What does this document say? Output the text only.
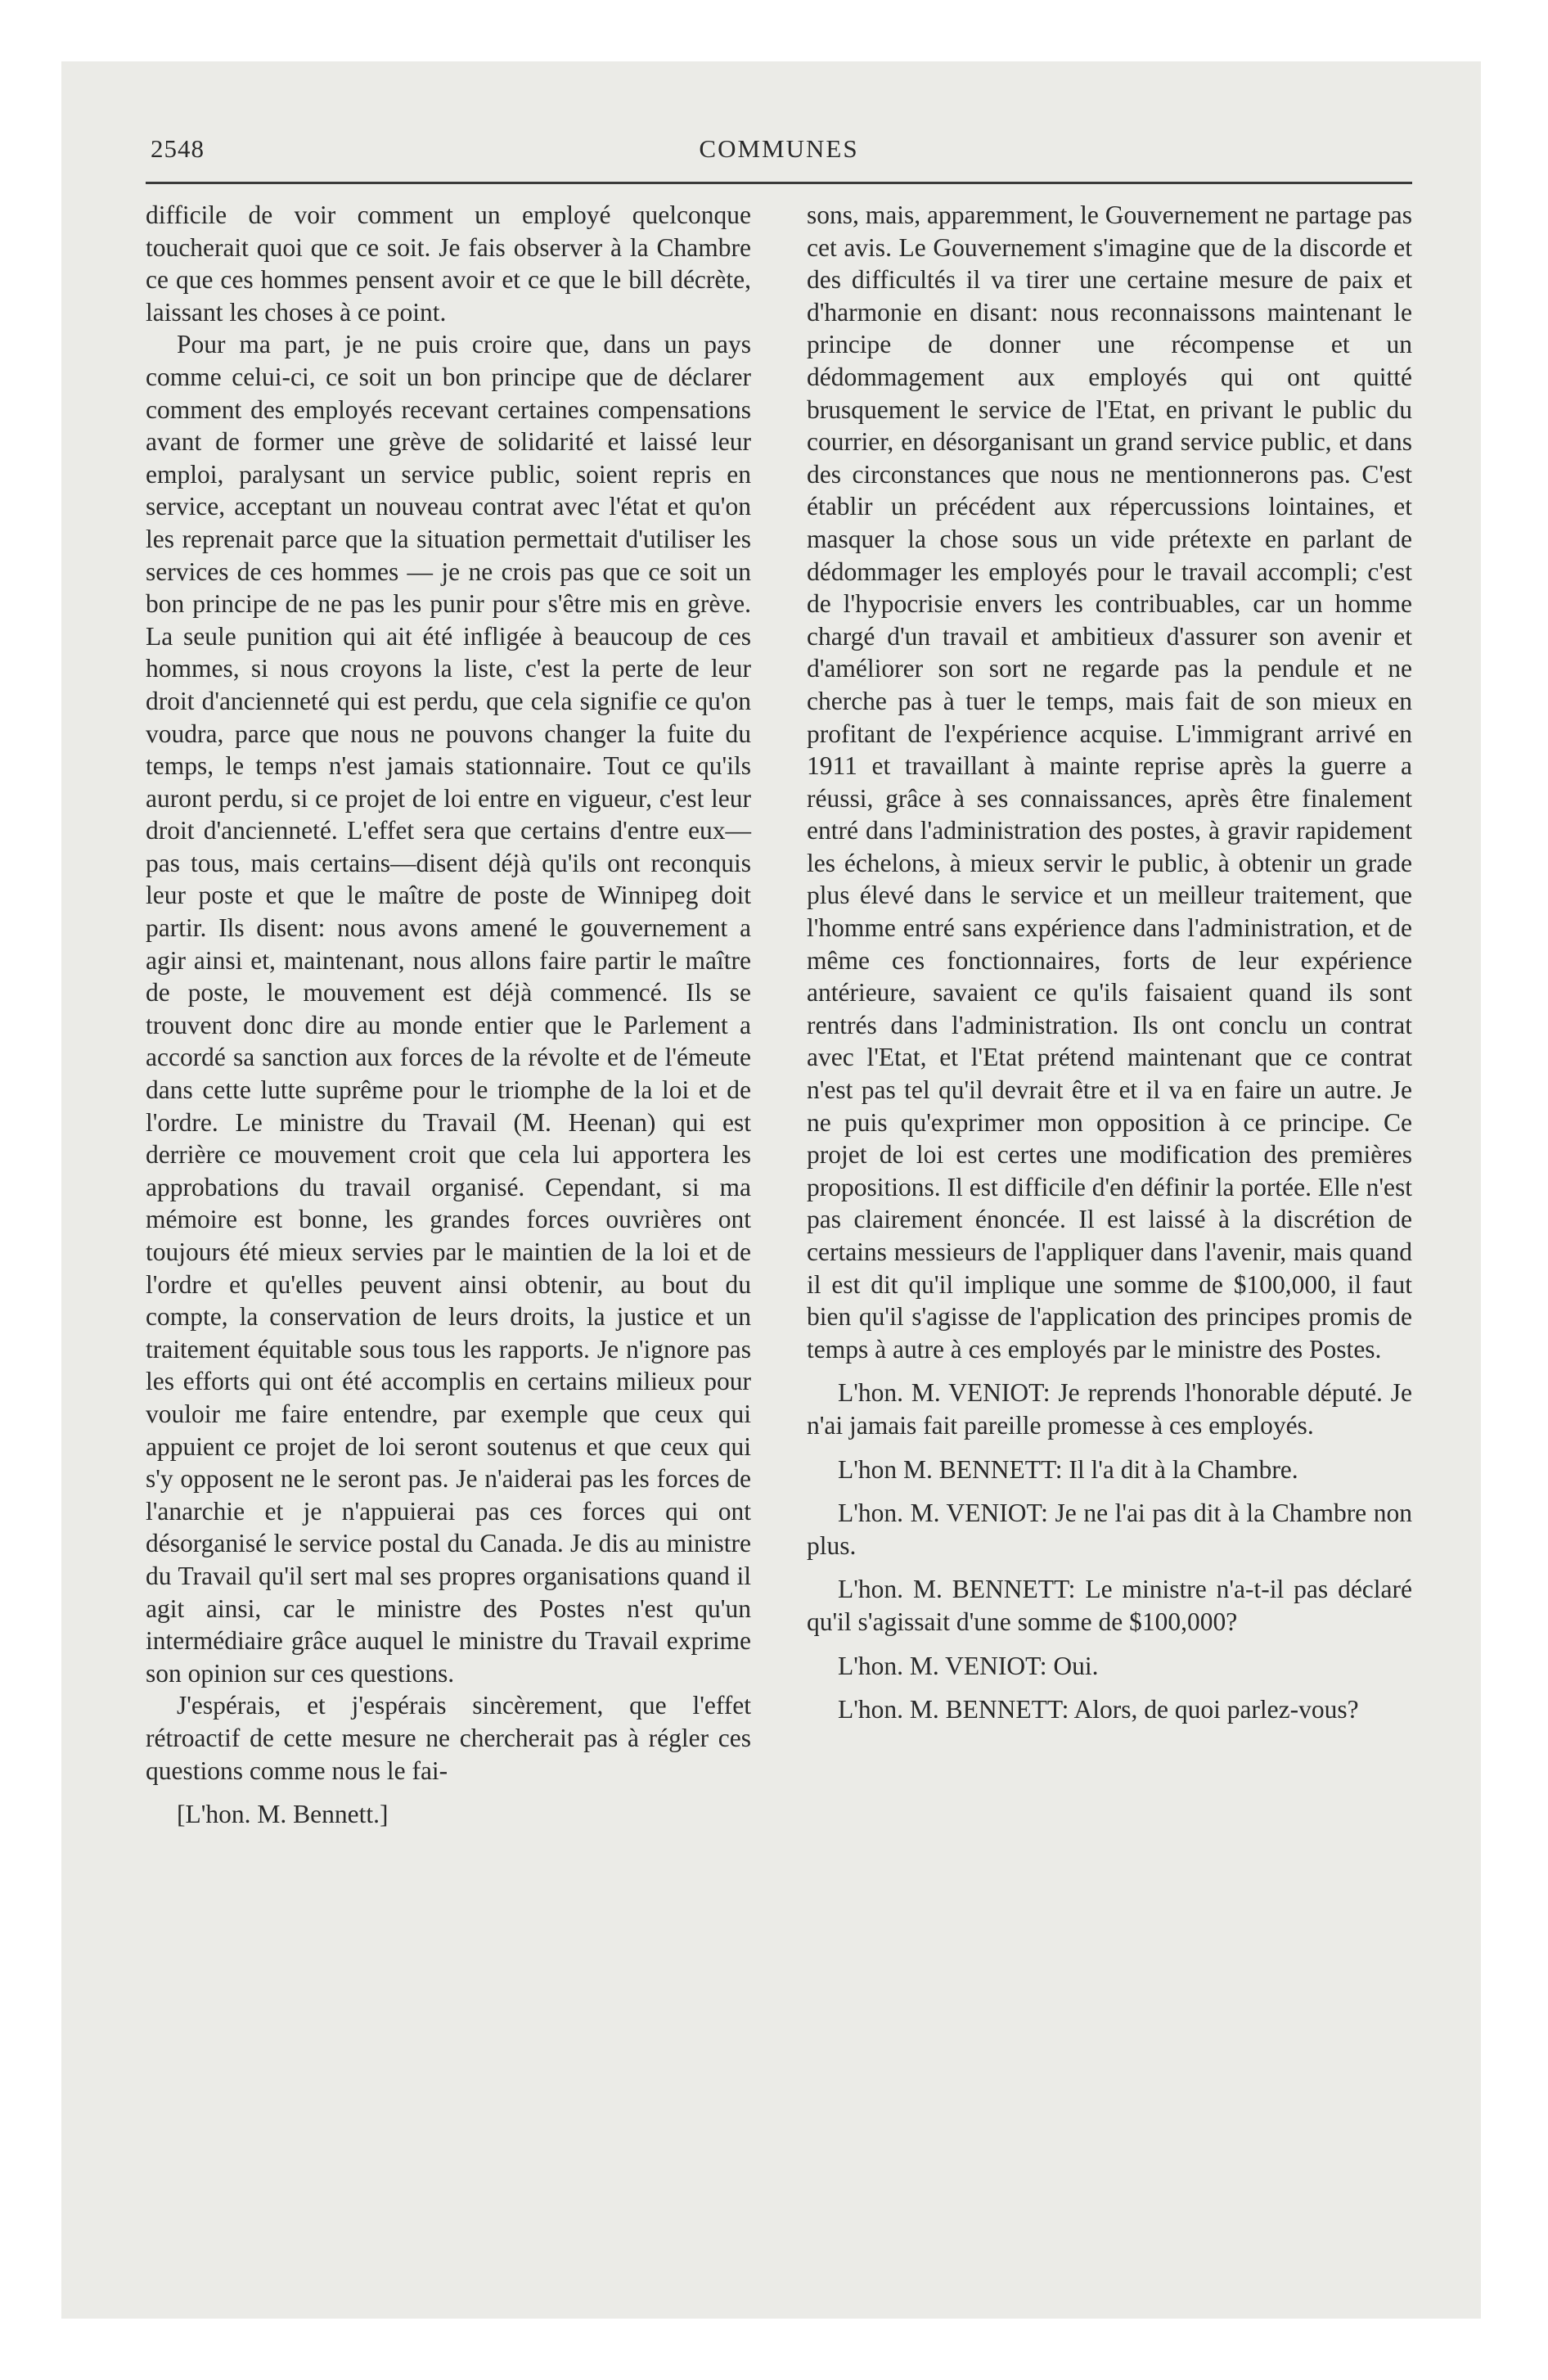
2548	COMMUNES

difficile de voir comment un employé quelconque toucherait quoi que ce soit. Je fais observer à la Chambre ce que ces hommes pensent avoir et ce que le bill décrète, laissant les choses à ce point.

Pour ma part, je ne puis croire que, dans un pays comme celui-ci, ce soit un bon principe que de déclarer comment des employés recevant certaines compensations avant de former une grève de solidarité et laissé leur emploi, paralysant un service public, soient repris en service, acceptant un nouveau contrat avec l'état et qu'on les reprenait parce que la situation permettait d'utiliser les services de ces hommes — je ne crois pas que ce soit un bon principe de ne pas les punir pour s'être mis en grève. La seule punition qui ait été infligée à beaucoup de ces hommes, si nous croyons la liste, c'est la perte de leur droit d'ancienneté qui est perdu, que cela signifie ce qu'on voudra, parce que nous ne pouvons changer la fuite du temps, le temps n'est jamais stationnaire. Tout ce qu'ils auront perdu, si ce projet de loi entre en vigueur, c'est leur droit d'ancienneté. L'effet sera que certains d'entre eux—pas tous, mais certains—disent déjà qu'ils ont reconquis leur poste et que le maître de poste de Winnipeg doit partir. Ils disent: nous avons amené le gouvernement a agir ainsi et, maintenant, nous allons faire partir le maître de poste, le mouvement est déjà commencé. Ils se trouvent donc dire au monde entier que le Parlement a accordé sa sanction aux forces de la révolte et de l'émeute dans cette lutte suprême pour le triomphe de la loi et de l'ordre. Le ministre du Travail (M. Heenan) qui est derrière ce mouvement croit que cela lui apportera les approbations du travail organisé. Cependant, si ma mémoire est bonne, les grandes forces ouvrières ont toujours été mieux servies par le maintien de la loi et de l'ordre et qu'elles peuvent ainsi obtenir, au bout du compte, la conservation de leurs droits, la justice et un traitement équitable sous tous les rapports. Je n'ignore pas les efforts qui ont été accomplis en certains milieux pour vouloir me faire entendre, par exemple que ceux qui appuient ce projet de loi seront soutenus et que ceux qui s'y opposent ne le seront pas. Je n'aiderai pas les forces de l'anarchie et je n'appuierai pas ces forces qui ont désorganisé le service postal du Canada. Je dis au ministre du Travail qu'il sert mal ses propres organisations quand il agit ainsi, car le ministre des Postes n'est qu'un intermédiaire grâce auquel le ministre du Travail exprime son opinion sur ces questions.

J'espérais, et j'espérais sincèrement, que l'effet rétroactif de cette mesure ne chercherait pas à régler ces questions comme nous le fai-

[L'hon. M. Bennett.]

sons, mais, apparemment, le Gouvernement ne partage pas cet avis. Le Gouvernement s'imagine que de la discorde et des difficultés il va tirer une certaine mesure de paix et d'harmonie en disant: nous reconnaissons maintenant le principe de donner une récompense et un dédommagement aux employés qui ont quitté brusquement le service de l'Etat, en privant le public du courrier, en désorganisant un grand service public, et dans des circonstances que nous ne mentionnerons pas. C'est établir un précédent aux répercussions lointaines, et masquer la chose sous un vide prétexte en parlant de dédommager les employés pour le travail accompli; c'est de l'hypocrisie envers les contribuables, car un homme chargé d'un travail et ambitieux d'assurer son avenir et d'améliorer son sort ne regarde pas la pendule et ne cherche pas à tuer le temps, mais fait de son mieux en profitant de l'expérience acquise. L'immigrant arrivé en 1911 et travaillant à mainte reprise après la guerre a réussi, grâce à ses connaissances, après être finalement entré dans l'administration des postes, à gravir rapidement les échelons, à mieux servir le public, à obtenir un grade plus élevé dans le service et un meilleur traitement, que l'homme entré sans expérience dans l'administration, et de même ces fonctionnaires, forts de leur expérience antérieure, savaient ce qu'ils faisaient quand ils sont rentrés dans l'administration. Ils ont conclu un contrat avec l'Etat, et l'Etat prétend maintenant que ce contrat n'est pas tel qu'il devrait être et il va en faire un autre. Je ne puis qu'exprimer mon opposition à ce principe. Ce projet de loi est certes une modification des premières propositions. Il est difficile d'en définir la portée. Elle n'est pas clairement énoncée. Il est laissé à la discrétion de certains messieurs de l'appliquer dans l'avenir, mais quand il est dit qu'il implique une somme de $100,000, il faut bien qu'il s'agisse de l'application des principes promis de temps à autre à ces employés par le ministre des Postes.

L'hon. M. VENIOT: Je reprends l'honorable député. Je n'ai jamais fait pareille promesse à ces employés.

L'hon M. BENNETT: Il l'a dit à la Chambre.

L'hon. M. VENIOT: Je ne l'ai pas dit à la Chambre non plus.

L'hon. M. BENNETT: Le ministre n'a-t-il pas déclaré qu'il s'agissait d'une somme de $100,000?

L'hon. M. VENIOT: Oui.

L'hon. M. BENNETT: Alors, de quoi parlez-vous?
